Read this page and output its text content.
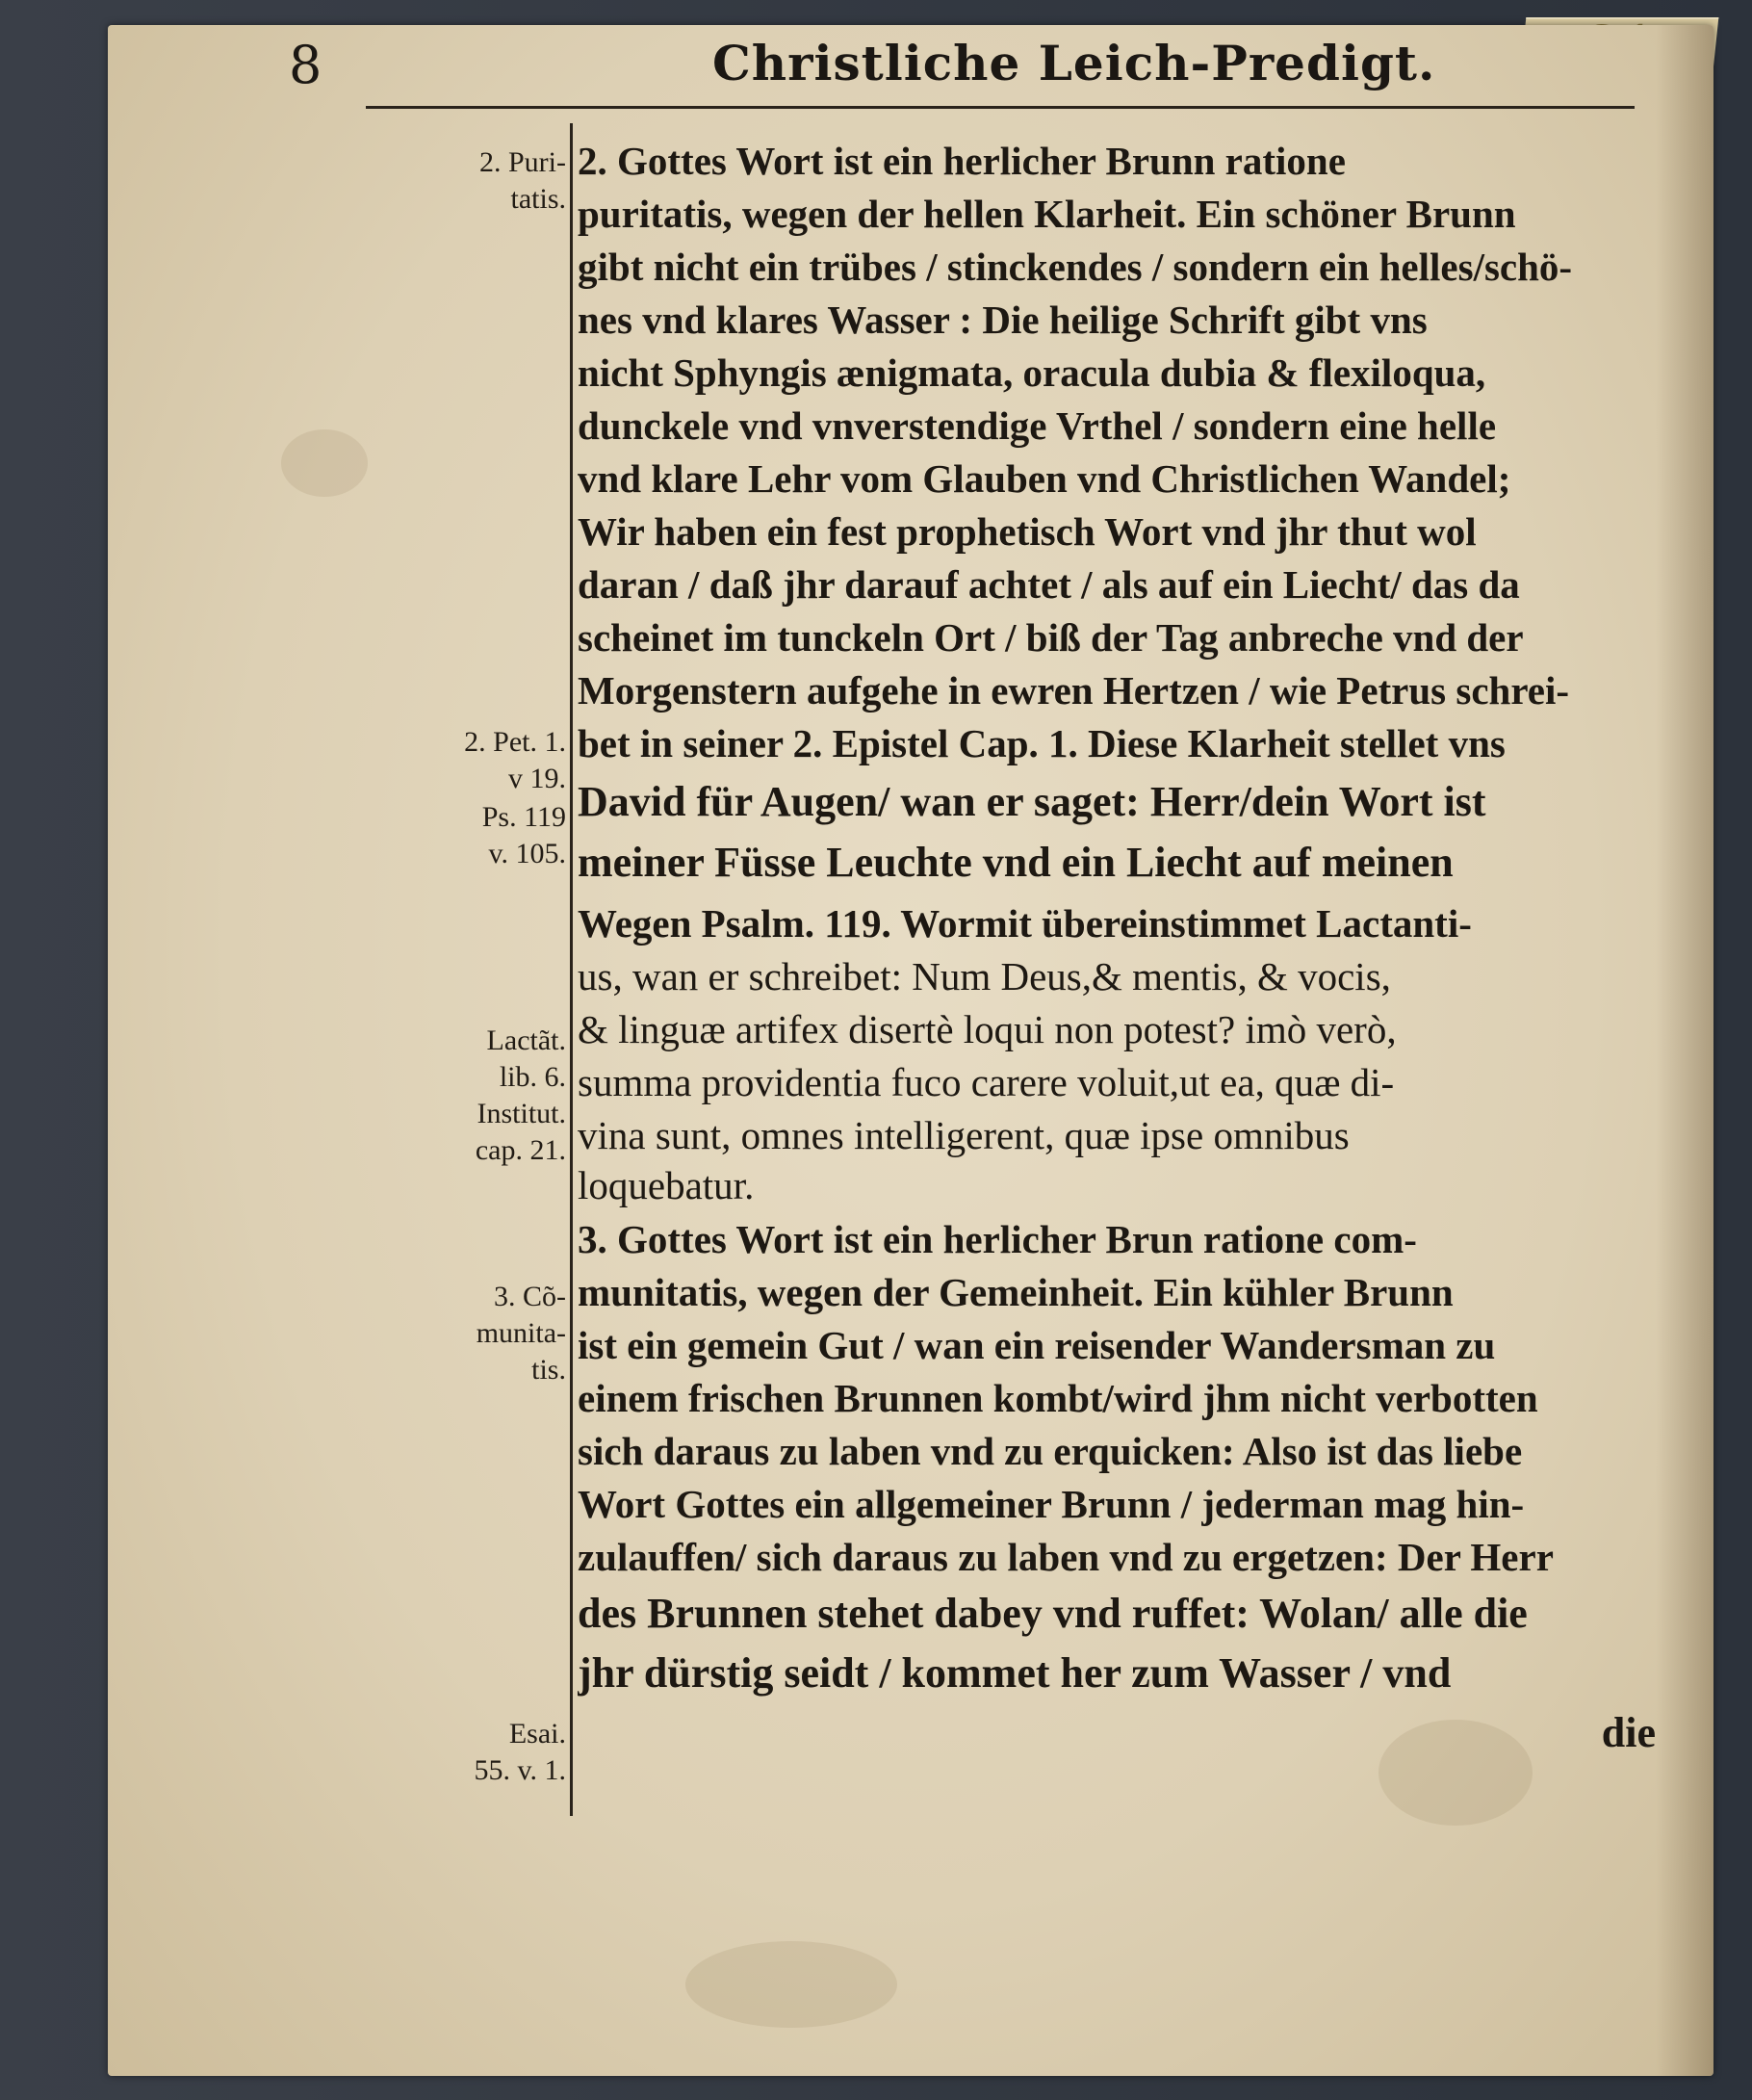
8	Christliche Leich-Predigt.
2. Puri-
tatis.
2. Pet. 1.
v 19.
Ps. 119
v. 105.
Lactãt.
lib. 6.
Institut.
cap. 21.
3. Cõ-
munita-
tis.
Esai.
55. v. 1.
2. Gottes Wort ist ein herlicher Brunn ratione
puritatis, wegen der hellen Klarheit. Ein schöner Brunn
gibt nicht ein trübes / stinckendes / sondern ein helles/schö-
nes vnd klares Wasser : Die heilige Schrift gibt vns
nicht Sphyngis ænigmata, oracula dubia & flexiloqua,
dunckele vnd vnverstendige Vrthel / sondern eine helle
vnd klare Lehr vom Glauben vnd Christlichen Wandel;
Wir haben ein fest prophetisch Wort vnd jhr thut wol
daran / daß jhr darauf achtet / als auf ein Liecht/ das da
scheinet im tunckeln Ort / biß der Tag anbreche vnd der
Morgenstern aufgehe in ewren Hertzen / wie Petrus schrei-
bet in seiner 2. Epistel Cap. 1. Diese Klarheit stellet vns
David für Augen/ wan er saget: Herr/dein Wort ist
meiner Füsse Leuchte vnd ein Liecht auf meinen
Wegen Psalm. 119. Wormit übereinstimmet Lactanti-
us, wan er schreibet: Num Deus,& mentis, & vocis,
& linguæ artifex disertè loqui non potest? imò verò,
summa providentia fuco carere voluit,ut ea, quæ di-
vina sunt, omnes intelligerent, quæ ipse omnibus
loquebatur.
3. Gottes Wort ist ein herlicher Brun ratione com-
munitatis, wegen der Gemeinheit. Ein kühler Brunn
ist ein gemein Gut / wan ein reisender Wandersman zu
einem frischen Brunnen kombt/wird jhm nicht verbotten
sich daraus zu laben vnd zu erquicken: Also ist das liebe
Wort Gottes ein allgemeiner Brunn / jederman mag hin-
zulauffen/ sich daraus zu laben vnd zu ergetzen: Der Herr
des Brunnen stehet dabey vnd ruffet: Wolan/ alle die
jhr dürstig seidt / kommet her zum Wasser / vnd
die
